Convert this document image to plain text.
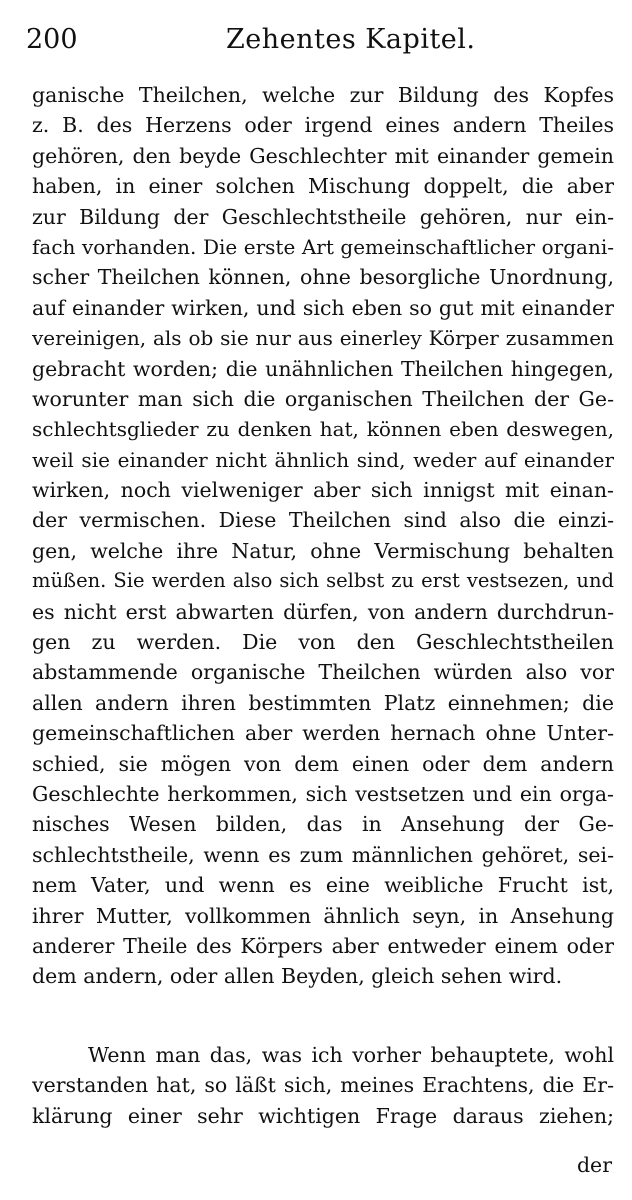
200	Zehentes Kapitel.
ganische Theilchen, welche zur Bildung des Kopfes
z. B. des Herzens oder irgend eines andern Theiles
gehören, den beyde Geschlechter mit einander gemein
haben, in einer solchen Mischung doppelt, die aber
zur Bildung der Geschlechtstheile gehören, nur ein-
fach vorhanden. Die erste Art gemeinschaftlicher organi-
scher Theilchen können, ohne besorgliche Unordnung,
auf einander wirken, und sich eben so gut mit einander
vereinigen, als ob sie nur aus einerley Körper zusammen
gebracht worden; die unähnlichen Theilchen hingegen,
worunter man sich die organischen Theilchen der Ge-
schlechtsglieder zu denken hat, können eben deswegen,
weil sie einander nicht ähnlich sind, weder auf einander
wirken, noch vielweniger aber sich innigst mit einan-
der vermischen. Diese Theilchen sind also die einzi-
gen, welche ihre Natur, ohne Vermischung behalten
müßen. Sie werden also sich selbst zu erst vestsezen, und
es nicht erst abwarten dürfen, von andern durchdrun-
gen zu werden. Die von den Geschlechtstheilen
abstammende organische Theilchen würden also vor
allen andern ihren bestimmten Platz einnehmen; die
gemeinschaftlichen aber werden hernach ohne Unter-
schied, sie mögen von dem einen oder dem andern
Geschlechte herkommen, sich vestsetzen und ein orga-
nisches Wesen bilden, das in Ansehung der Ge-
schlechtstheile, wenn es zum männlichen gehöret, sei-
nem Vater, und wenn es eine weibliche Frucht ist,
ihrer Mutter, vollkommen ähnlich seyn, in Ansehung
anderer Theile des Körpers aber entweder einem oder
dem andern, oder allen Beyden, gleich sehen wird.
Wenn man das, was ich vorher behauptete, wohl
verstanden hat, so läßt sich, meines Erachtens, die Er-
klärung einer sehr wichtigen Frage daraus ziehen;
der
